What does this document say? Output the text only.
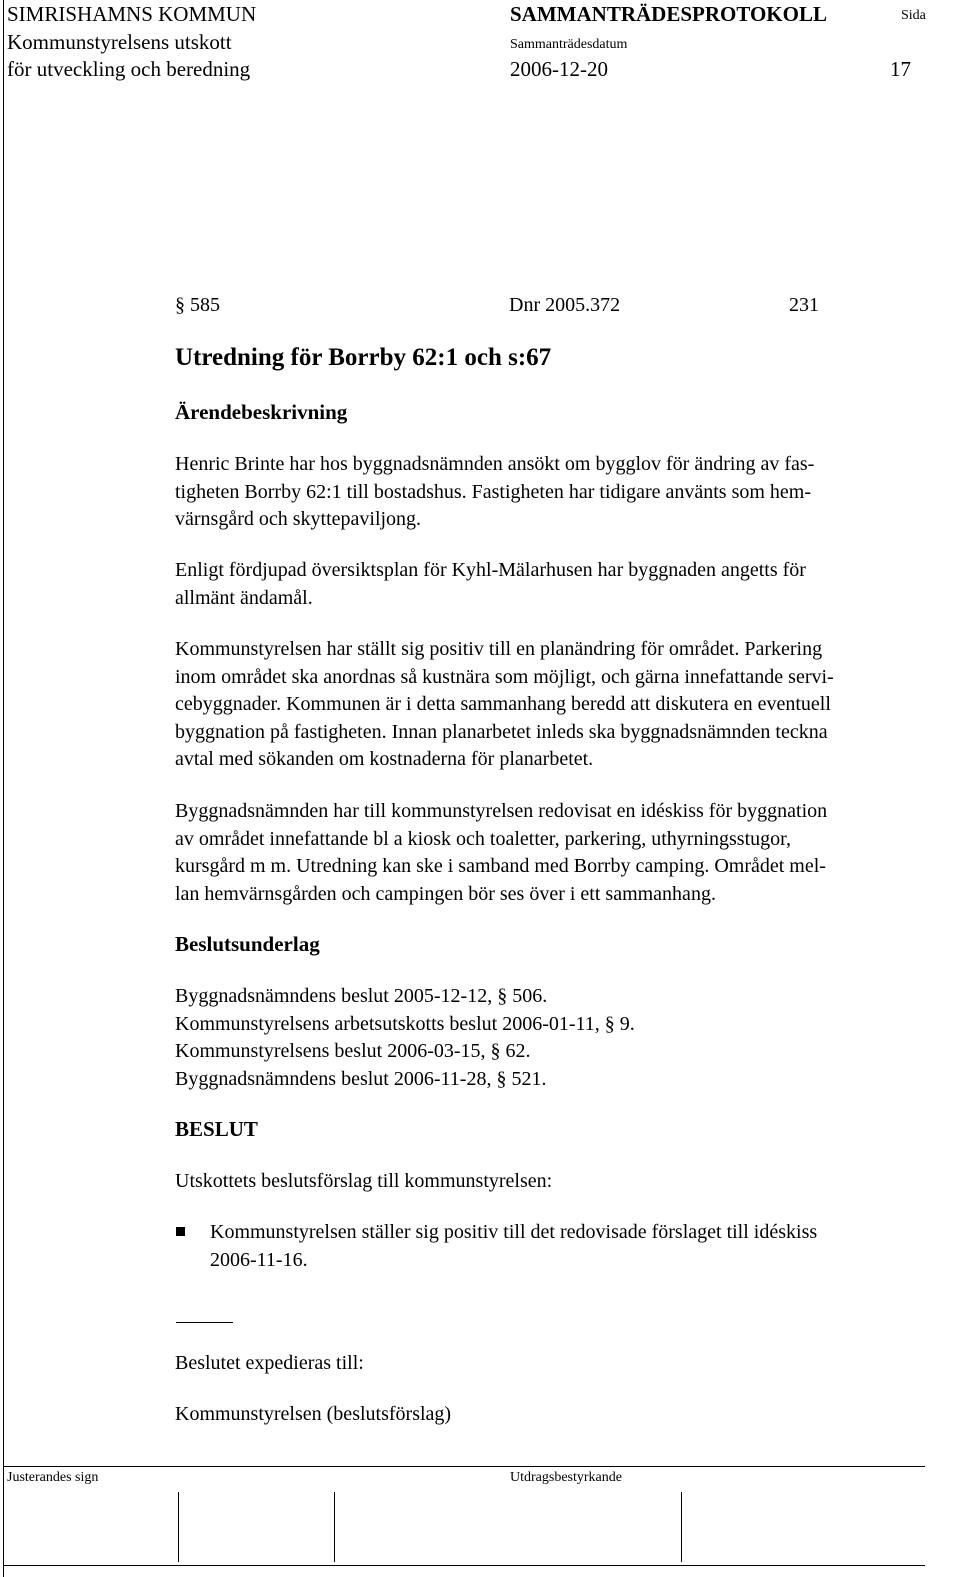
SIMRISHAMNS KOMMUN
Kommunstyrelsens utskott
för utveckling och beredning
SAMMANTRÄDESPROTOKOLL	Sida
Sammanträdesdatum
2006-12-20	17
§ 585	Dnr 2005.372	231
Utredning för Borrby 62:1 och s:67
Ärendebeskrivning
Henric Brinte har hos byggnadsnämnden ansökt om bygglov för ändring av fas-
tigheten Borrby 62:1 till bostadshus. Fastigheten har tidigare använts som hem-
värnsgård och skyttepaviljong.
Enligt fördjupad översiktsplan för Kyhl-Mälarhusen har byggnaden angetts för
allmänt ändamål.
Kommunstyrelsen har ställt sig positiv till en planändring för området. Parkering
inom området ska anordnas så kustnära som möjligt, och gärna innefattande servi-
cebyggnader. Kommunen är i detta sammanhang beredd att diskutera en eventuell
byggnation på fastigheten. Innan planarbetet inleds ska byggnadsnämnden teckna
avtal med sökanden om kostnaderna för planarbetet.
Byggnadsnämnden har till kommunstyrelsen redovisat en idéskiss för byggnation
av området innefattande bl a kiosk och toaletter, parkering, uthyrningsstugor,
kursgård m m. Utredning kan ske i samband med Borrby camping. Området mel-
lan hemvärnsgården och campingen bör ses över i ett sammanhang.
Beslutsunderlag
Byggnadsnämndens beslut 2005-12-12, § 506.
Kommunstyrelsens arbetsutskotts beslut 2006-01-11, § 9.
Kommunstyrelsens beslut 2006-03-15, § 62.
Byggnadsnämndens beslut 2006-11-28, § 521.
BESLUT
Utskottets beslutsförslag till kommunstyrelsen:
Kommunstyrelsen ställer sig positiv till det redovisade förslaget till idéskiss
2006-11-16.
Beslutet expedieras till:
Kommunstyrelsen (beslutsförslag)
Justerandes sign	Utdragsbestyrkande
